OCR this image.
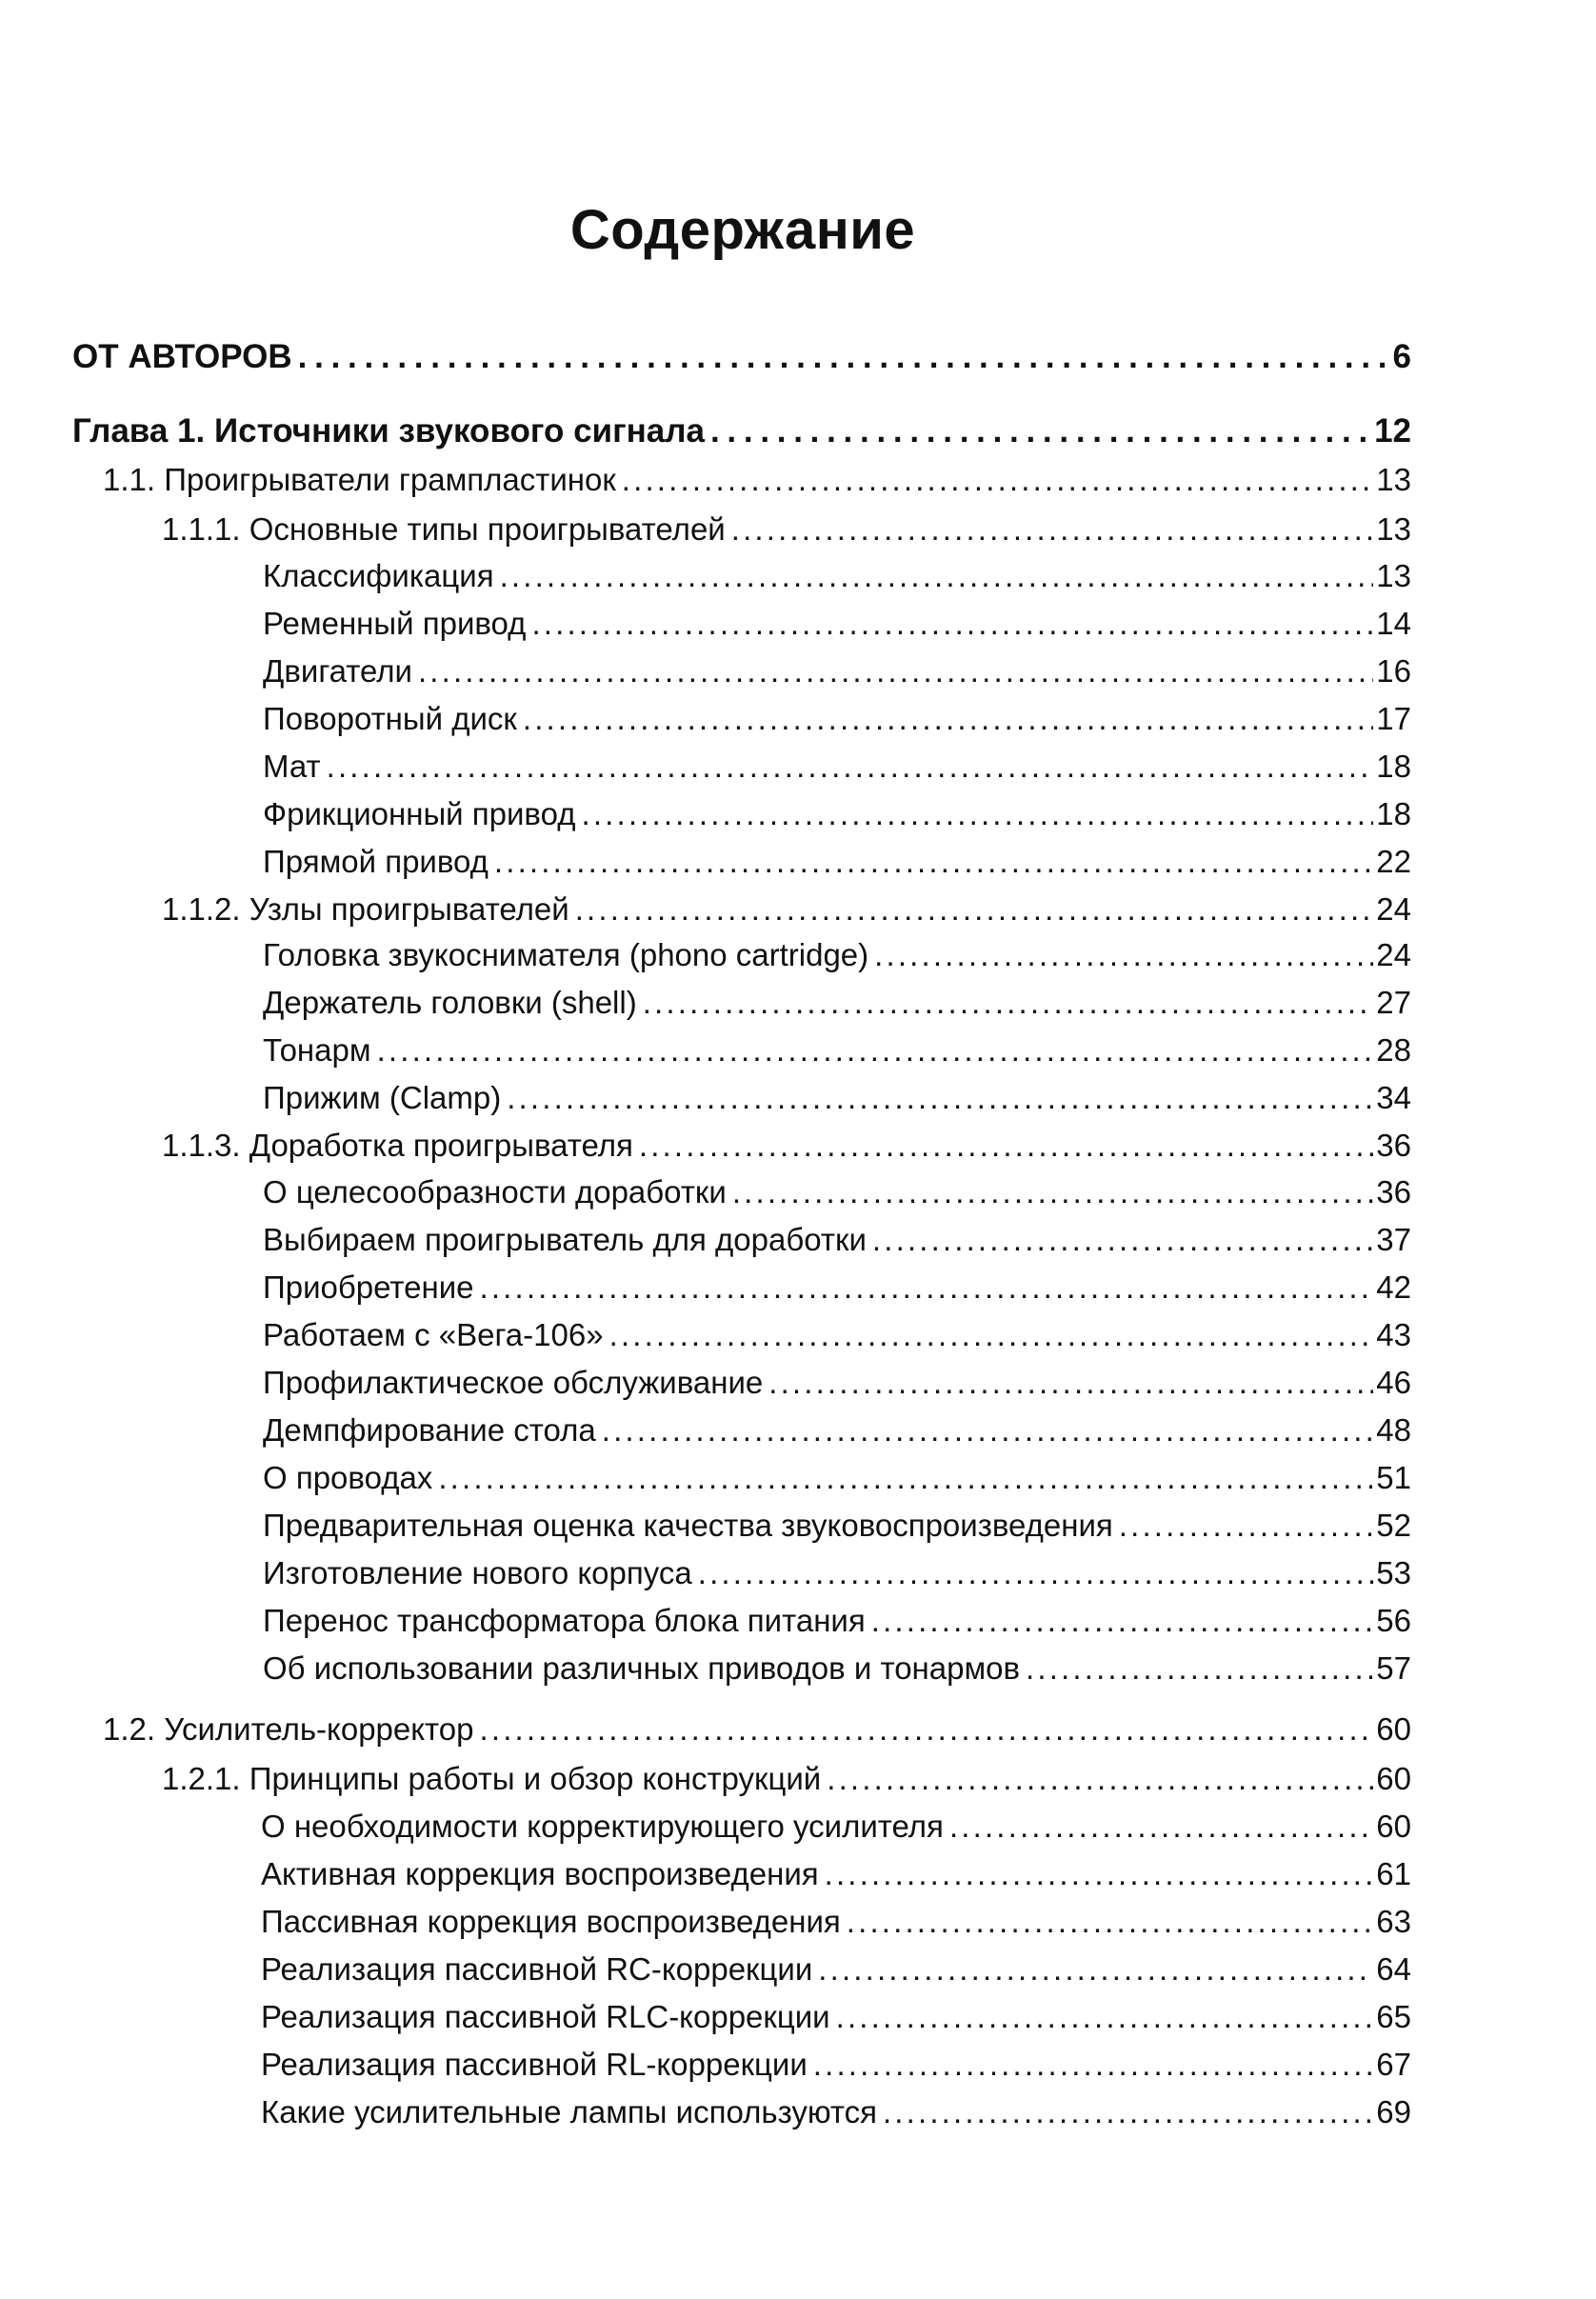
Содержание
ОТ АВТОРОВ . . .	6
Глава 1. Источники звукового сигнала . . .	12
1.1. Проигрыватели грампластинок . . .	13
1.1.1. Основные типы проигрывателей . . .	13
Классификация . . .	13
Ременный привод . . .	14
Двигатели . . .	16
Поворотный диск . . .	17
Мат . . .	18
Фрикционный привод . . .	18
Прямой привод . . .	22
1.1.2. Узлы проигрывателей . . .	24
Головка звукоснимателя (phono cartridge) . . .	24
Держатель головки (shell) . . .	27
Тонарм . . .	28
Прижим (Clamp) . . .	34
1.1.3. Доработка проигрывателя . . .	36
О целесообразности доработки . . .	36
Выбираем проигрыватель для доработки . . .	37
Приобретение . . .	42
Работаем с «Вега-106» . . .	43
Профилактическое обслуживание . . .	46
Демпфирование стола . . .	48
О проводах . . .	51
Предварительная оценка качества звуковоспроизведения . . .	52
Изготовление нового корпуса . . .	53
Перенос трансформатора блока питания . . .	56
Об использовании различных приводов и тонармов . . .	57
1.2. Усилитель-корректор . . .	60
1.2.1. Принципы работы и обзор конструкций . . .	60
О необходимости корректирующего усилителя . . .	60
Активная коррекция воспроизведения . . .	61
Пассивная коррекция воспроизведения . . .	63
Реализация пассивной RC-коррекции . . .	64
Реализация пассивной RLC-коррекции . . .	65
Реализация пассивной RL-коррекции . . .	67
Какие усилительные лампы используются . . .	69
